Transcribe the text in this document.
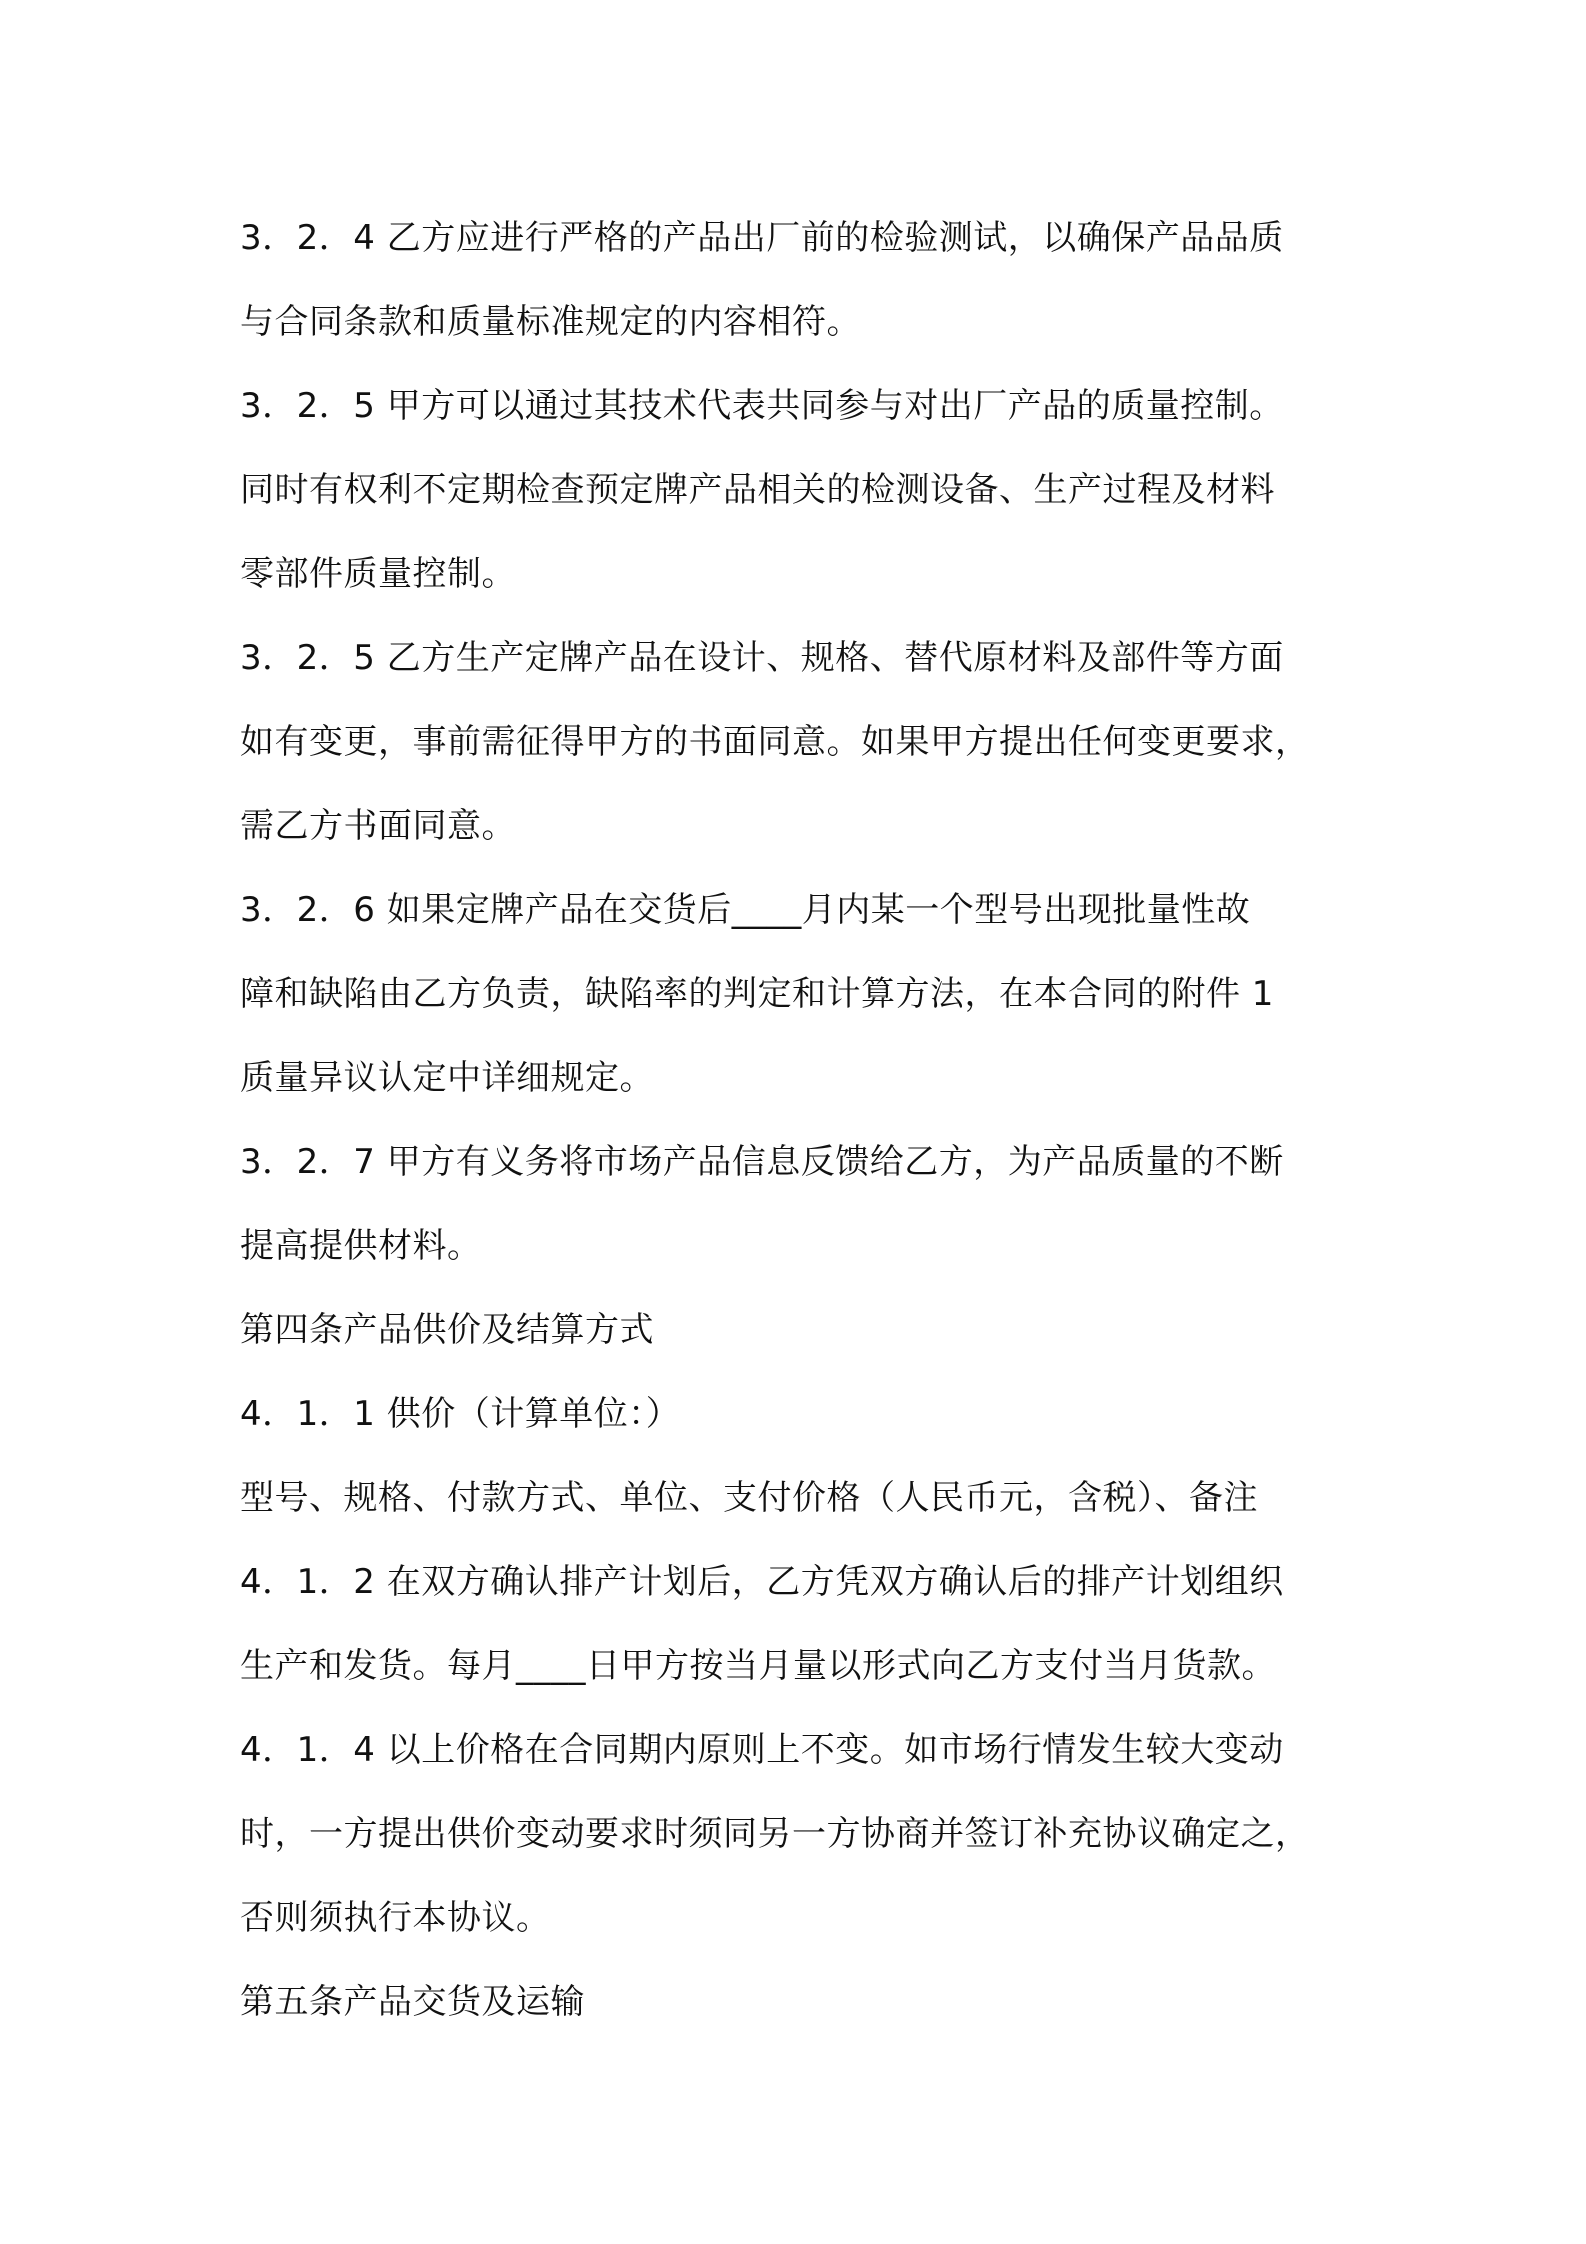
3．2．4 乙方应进行严格的产品出厂前的检验测试，以确保产品品质
与合同条款和质量标准规定的内容相符。
3．2．5 甲方可以通过其技术代表共同参与对出厂产品的质量控制。
同时有权利不定期检查预定牌产品相关的检测设备、生产过程及材料
零部件质量控制。
3．2．5 乙方生产定牌产品在设计、规格、替代原材料及部件等方面
如有变更，事前需征得甲方的书面同意。如果甲方提出任何变更要求，
需乙方书面同意。
3．2．6 如果定牌产品在交货后____月内某一个型号出现批量性故
障和缺陷由乙方负责，缺陷率的判定和计算方法，在本合同的附件 1
质量异议认定中详细规定。
3．2．7 甲方有义务将市场产品信息反馈给乙方，为产品质量的不断
提高提供材料。
第四条产品供价及结算方式
4．1．1 供价（计算单位：）
型号、规格、付款方式、单位、支付价格（人民币元，含税）、备注
4．1．2 在双方确认排产计划后，乙方凭双方确认后的排产计划组织
生产和发货。每月____日甲方按当月量以形式向乙方支付当月货款。
4．1．4 以上价格在合同期内原则上不变。如市场行情发生较大变动
时，一方提出供价变动要求时须同另一方协商并签订补充协议确定之，
否则须执行本协议。
第五条产品交货及运输
